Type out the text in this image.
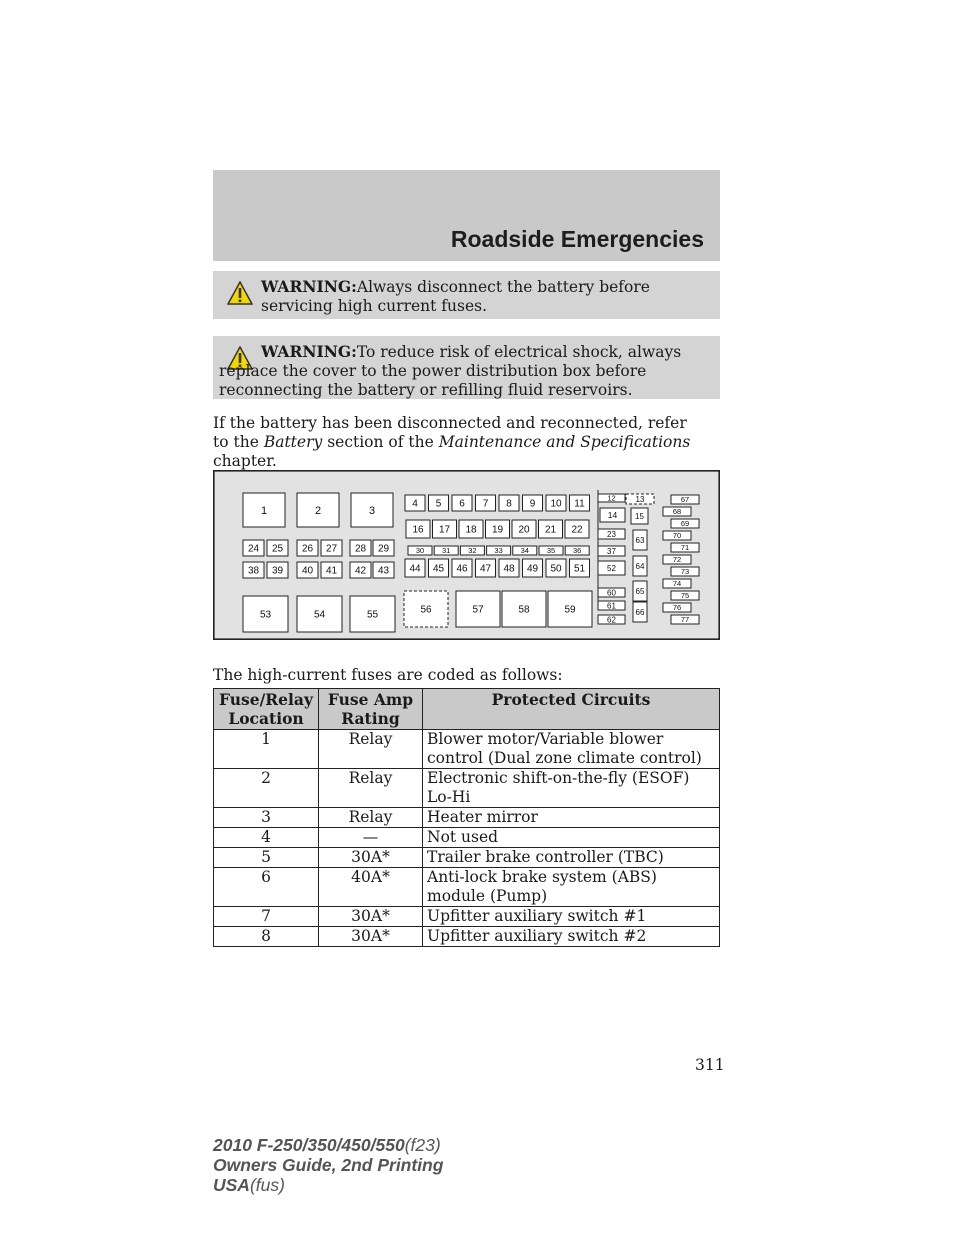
Roadside Emergencies
WARNING:Always disconnect the battery before servicing high current fuses.
WARNING:To reduce risk of electrical shock, always replace the cover to the power distribution box before reconnecting the battery or refilling fluid reservoirs.
If the battery has been disconnected and reconnected, refer to the Battery section of the Maintenance and Specifications chapter.
1	2	3
4 5 6 7 8 9 10 11
16 17 18 19 20 21 22
30 31 32 33 34 35 36
44 45 46 47 48 49 50 51
24 25 26 27 28 29
38 39 40 41 42 43
53	54	55	56	57	58	59
12
14
23
37
52
60
61
62
13
15
63
64
65
66
67
68
69
70
71
72
73
74
75
76
77
The high-current fuses are coded as follows:
Fuse/Relay Location	Fuse Amp Rating	Protected Circuits
1	Relay	Blower motor/Variable blower control (Dual zone climate control)
2	Relay	Electronic shift-on-the-fly (ESOF) Lo-Hi
3	Relay	Heater mirror
4	—	Not used
5	30A*	Trailer brake controller (TBC)
6	40A*	Anti-lock brake system (ABS) module (Pump)
7	30A*	Upfitter auxiliary switch #1
8	30A*	Upfitter auxiliary switch #2
311
2010 F-250/350/450/550(f23)
Owners Guide, 2nd Printing
USA(fus)
